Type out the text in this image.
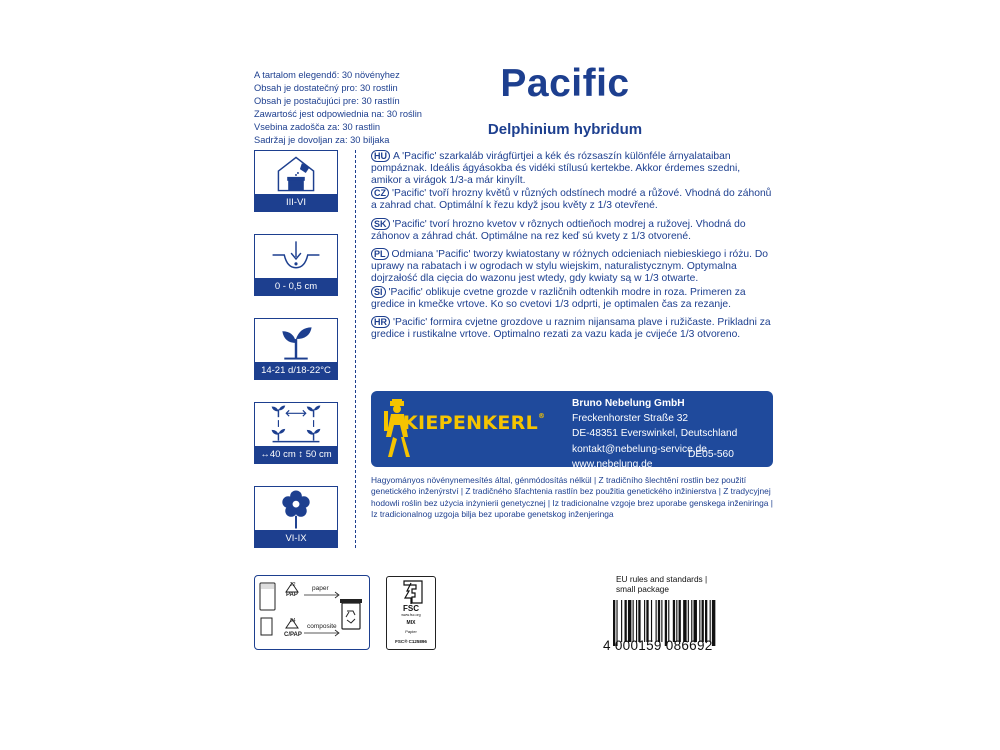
A tartalom elegendő: 30 növényhez
Obsah je dostatečný pro: 30 rostlin
Obsah je postačujúci pre: 30 rastlín
Zawartość jest odpowiednia na: 30 roślin
Vsebina zadošča za: 30 rastlin
Sadržaj je dovoljan za: 30 biljaka
Pacific
Delphinium hybridum
III-VI
0 - 0,5 cm
14-21 d/18-22°C
↔40 cm ↕ 50 cm
VI-IX
HU A 'Pacific' szarkaláb virágfürtjei a kék és rózsaszín különféle árnyalataiban pompáznak. Ideális ágyásokba és vidéki stílusú kertekbe. Akkor érdemes szedni, amikor a virágok 1/3-a már kinyílt.
CZ 'Pacific' tvoří hrozny květů v různých odstínech modré a růžové. Vhodná do záhonů a zahrad chat. Optimální k řezu když jsou květy z 1/3 otevřené.
SK 'Pacific' tvorí hrozno kvetov v rôznych odtieňoch modrej a ružovej. Vhodná do záhonov a záhrad chát. Optimálne na rez keď sú kvety z 1/3 otvorené.
PL Odmiana 'Pacific' tworzy kwiatostany w różnych odcieniach niebieskiego i różu. Do uprawy na rabatach i w ogrodach w stylu wiejskim, naturalistycznym. Optymalna dojrzałość dla cięcia do wazonu jest wtedy, gdy kwiaty są w 1/3 otwarte.
SI 'Pacific' oblikuje cvetne grozde v različnih odtenkih modre in roza. Primeren za gredice in kmečke vrtove. Ko so cvetovi 1/3 odprti, je optimalen čas za rezanje.
HR 'Pacific' formira cvjetne grozdove u raznim nijansama plave i ružičaste. Prikladni za gredice i rustikalne vrtove. Optimalno rezati za vazu kada je cvijeće 1/3 otvoreno.
KIEPENKERL®
Bruno Nebelung GmbH
Freckenhorster Straße 32
DE-48351 Everswinkel, Deutschland
kontakt@nebelung-service.de
www.nebelung.de
DE05-560
Hagyományos növénynemesítés által, génmódosítás nélkül | Z tradičního šlechtění rostlin bez použití genetického inženýrství | Z tradičného šľachtenia rastlín bez použitia genetického inžinierstva | Z tradycyjnej hodowli roślin bez użycia inżynierii genetycznej | Iz tradicionalne vzgoje brez uporabe genskega inženiringa | Iz tradicionalnog uzgoja bilja bez uporabe genetskog inženjeringa
PAP
22
C/PAP
84
paper
composite
FSC
www.fsc.org
MIX
Papier
FSC® C125896
EU rules and standards |
small package
4 000159 086692
